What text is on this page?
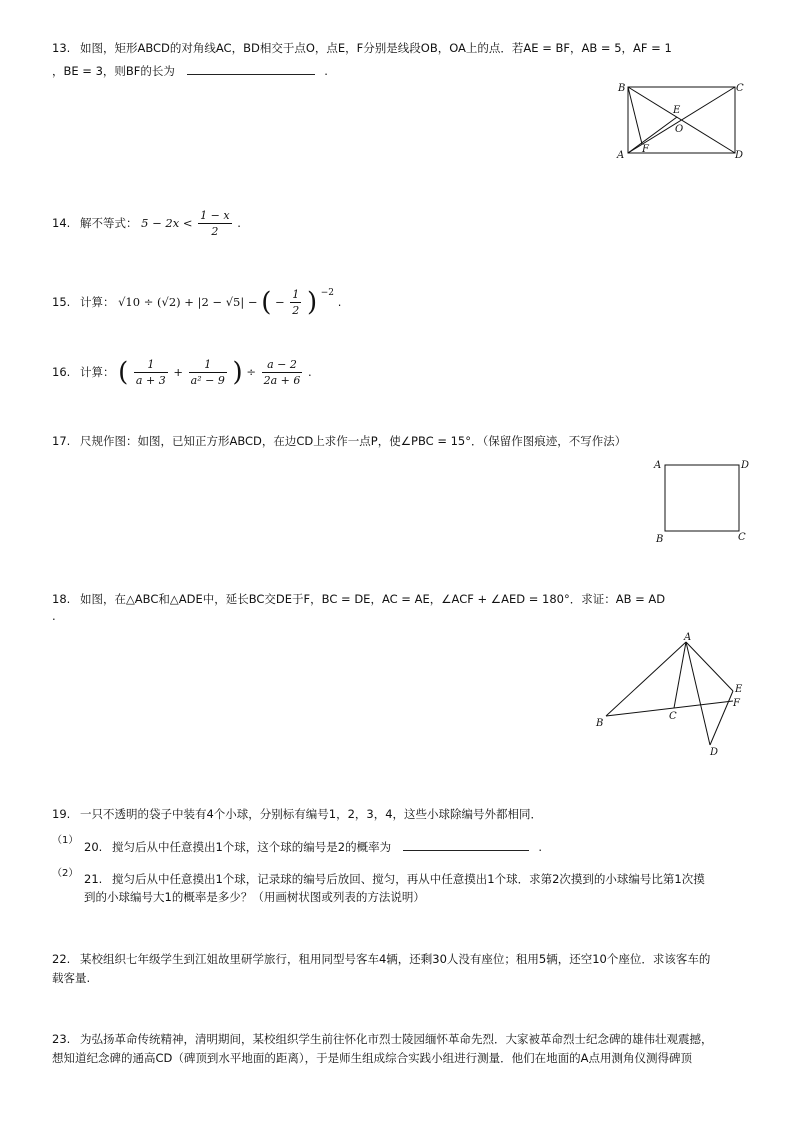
13. 如图，矩形ABCD的对角线AC，BD相交于点O，点E，F分别是线段OB，OA上的点．若AE = BF，AB = 5，AF = 1
，BE = 3，则BF的长为	.
B	C
A	D
E
O
F
14. 解不等式： $5 - 2x < \frac{1 - x}{2}$ .
15. 计算： √10 ÷ (√2) + |2 − √5| − ( − $\frac{1}{2}$ ) $^{-2}$ .
16. 计算： ( $\frac{1}{a + 3} + \frac{1}{\text{a² − 9}}$ ) ÷ $\frac{a - 2}{2a + 6}$ .
17. 尺规作图：如图，已知正方形ABCD，在边CD上求作一点P，使∠PBC = 15°．（保留作图痕迹，不写作法）
A	D
B	C
18. 如图，在△ABC和△ADE中，延长BC交DE于F，BC = DE，AC = AE，∠ACF + ∠AED = 180°．求证：AB = AD
.
A
E
F
B
C
D
19. 一只不透明的袋子中装有4个小球，分别标有编号1，2，3，4，这些小球除编号外都相同．
（1） 20. 搅匀后从中任意摸出1个球，这个球的编号是2的概率为	.
（2） 21. 搅匀后从中任意摸出1个球，记录球的编号后放回、搅匀，再从中任意摸出1个球．求第2次摸到的小球编号比第1次摸
到的小球编号大1的概率是多少？（用画树状图或列表的方法说明）
22. 某校组织七年级学生到江姐故里研学旅行，租用同型号客车4辆，还剩30人没有座位；租用5辆，还空10个座位．求该客车的
载客量.
23. 为弘扬革命传统精神，清明期间，某校组织学生前往怀化市烈士陵园缅怀革命先烈．大家被革命烈士纪念碑的雄伟壮观震撼，
想知道纪念碑的通高CD（碑顶到水平地面的距离），于是师生组成综合实践小组进行测量．他们在地面的A点用测角仪测得碑顶
